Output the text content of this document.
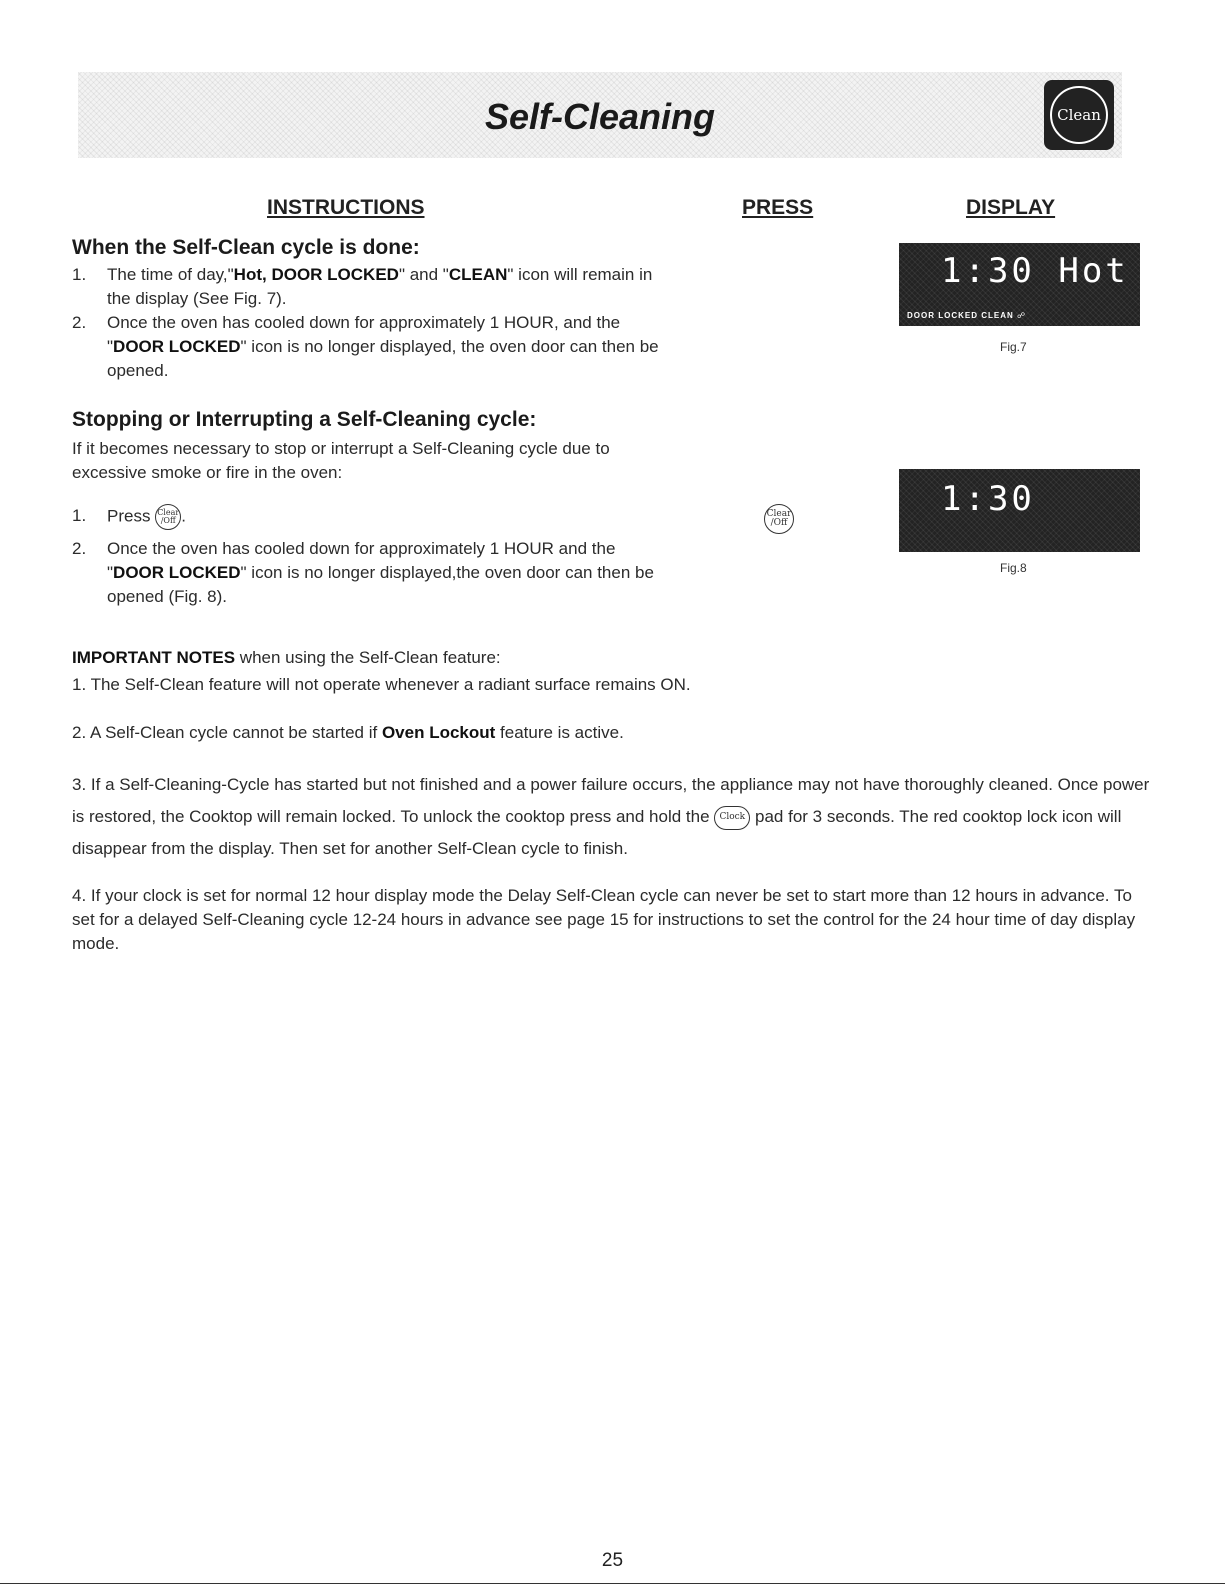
Self-Cleaning	Clean
INSTRUCTIONS	PRESS	DISPLAY
When the Self-Clean cycle is done:
1. The time of day,"Hot, DOOR LOCKED" and "CLEAN" icon will remain in the display (See Fig. 7).
2. Once the oven has cooled down for approximately 1 HOUR, and the "DOOR LOCKED" icon is no longer displayed, the oven door can then be opened.
Stopping or Interrupting a Self-Cleaning cycle:
If it becomes necessary to stop or interrupt a Self-Cleaning cycle due to excessive smoke or fire in the oven:
1. Press Clear
/Off .
2. Once the oven has cooled down for approximately 1 HOUR and the "DOOR LOCKED" icon is no longer displayed,the oven door can then be opened (Fig. 8).
Clear
/Off
1:30 Hot
DOOR LOCKED CLEAN ☍
Fig.7
1:30
Fig.8
IMPORTANT NOTES when using the Self-Clean feature:
1. The Self-Clean feature will not operate whenever a radiant surface remains ON.
2. A Self-Clean cycle cannot be started if Oven Lockout feature is active.
3. If a Self-Cleaning-Cycle has started but not finished and a power failure occurs, the appliance may not have thoroughly cleaned. Once power is restored, the Cooktop will remain locked. To unlock the cooktop press and hold the Clock pad for 3 seconds. The red cooktop lock icon will disappear from the display. Then set for another Self-Clean cycle to finish.
4. If your clock is set for normal 12 hour display mode the Delay Self-Clean cycle can never be set to start more than 12 hours in advance. To set for a delayed Self-Cleaning cycle 12-24 hours in advance see page 15 for instructions to set the control for the 24 hour time of day display mode.
25
